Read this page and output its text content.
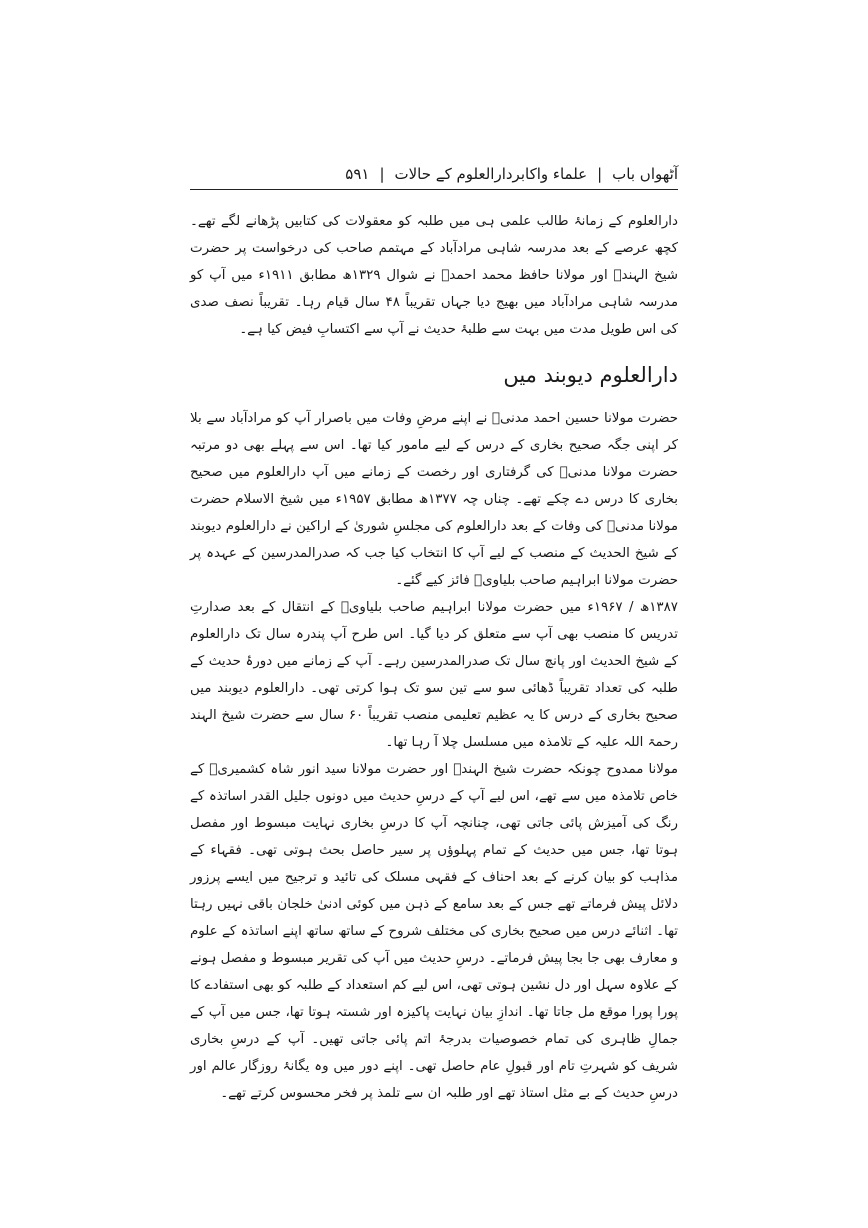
آٹھواں باب
|
علماء واکابردارالعلوم کے حالات
|
۵۹۱

دارالعلوم کے زمانۂ طالب علمی ہی میں طلبہ کو معقولات کی کتابیں پڑھانے لگے تھے۔ کچھ عرصے کے بعد مدرسہ شاہی مرادآباد کے مہتمم صاحب کی درخواست پر حضرت شیخ الہندؒ اور مولانا حافظ محمد احمدؒ نے شوال ۱۳۲۹ھ مطابق ۱۹۱۱ء میں آپ کو مدرسہ شاہی مرادآباد میں بھیج دیا جہاں تقریباً ۴۸ سال قیام رہا۔ تقریباً نصف صدی کی اس طویل مدت میں بہت سے طلبۂ حدیث نے آپ سے اکتسابِ فیض کیا ہے۔

دارالعلوم دیوبند میں

حضرت مولانا حسین احمد مدنیؒ نے اپنے مرضِ وفات میں باصرار آپ کو مرادآباد سے بلا کر اپنی جگہ صحیح بخاری کے درس کے لیے مامور کیا تھا۔ اس سے پہلے بھی دو مرتبہ حضرت مولانا مدنیؒ کی گرفتاری اور رخصت کے زمانے میں آپ دارالعلوم میں صحیح بخاری کا درس دے چکے تھے۔ چناں چہ ۱۳۷۷ھ مطابق ۱۹۵۷ء میں شیخ الاسلام حضرت مولانا مدنیؒ کی وفات کے بعد دارالعلوم کی مجلسِ شوریٰ کے اراکین نے دارالعلوم دیوبند کے شیخ الحدیث کے منصب کے لیے آپ کا انتخاب کیا جب کہ صدرالمدرسین کے عہدہ پر حضرت مولانا ابراہیم صاحب بلیاویؒ فائز کیے گئے۔

۱۳۸۷ھ / ۱۹۶۷ء میں حضرت مولانا ابراہیم صاحب بلیاویؒ کے انتقال کے بعد صدارتِ تدریس کا منصب بھی آپ سے متعلق کر دیا گیا۔ اس طرح آپ پندرہ سال تک دارالعلوم کے شیخ الحدیث اور پانچ سال تک صدرالمدرسین رہے۔ آپ کے زمانے میں دورۂ حدیث کے طلبہ کی تعداد تقریباً ڈھائی سو سے تین سو تک ہوا کرتی تھی۔ دارالعلوم دیوبند میں صحیح بخاری کے درس کا یہ عظیم تعلیمی منصب تقریباً ۶۰ سال سے حضرت شیخ الہند رحمۃ اللہ علیہ کے تلامذہ میں مسلسل چلا آ رہا تھا۔

مولانا ممدوح چونکہ حضرت شیخ الہندؒ اور حضرت مولانا سید انور شاہ کشمیریؒ کے خاص تلامذہ میں سے تھے، اس لیے آپ کے درسِ حدیث میں دونوں جلیل القدر اساتذہ کے رنگ کی آمیزش پائی جاتی تھی، چنانچہ آپ کا درسِ بخاری نہایت مبسوط اور مفصل ہوتا تھا، جس میں حدیث کے تمام پہلوؤں پر سیر حاصل بحث ہوتی تھی۔ فقہاء کے مذاہب کو بیان کرنے کے بعد احناف کے فقہی مسلک کی تائید و ترجیح میں ایسے پرزور دلائل پیش فرماتے تھے جس کے بعد سامع کے ذہن میں کوئی ادنیٰ خلجان باقی نہیں رہتا تھا۔ اثنائے درس میں صحیح بخاری کی مختلف شروح کے ساتھ ساتھ اپنے اساتذہ کے علوم و معارف بھی جا بجا پیش فرماتے۔ درسِ حدیث میں آپ کی تقریر مبسوط و مفصل ہونے کے علاوہ سہل اور دل نشین ہوتی تھی، اس لیے کم استعداد کے طلبہ کو بھی استفادے کا پورا پورا موقع مل جاتا تھا۔ اندازِ بیان نہایت پاکیزہ اور شستہ ہوتا تھا، جس میں آپ کے جمالِ ظاہری کی تمام خصوصیات بدرجۂ اتم پائی جاتی تھیں۔ آپ کے درسِ بخاری شریف کو شہرتِ تام اور قبولِ عام حاصل تھی۔ اپنے دور میں وہ یگانۂ روزگار عالم اور درسِ حدیث کے بے مثل استاذ تھے اور طلبہ ان سے تلمذ پر فخر محسوس کرتے تھے۔
